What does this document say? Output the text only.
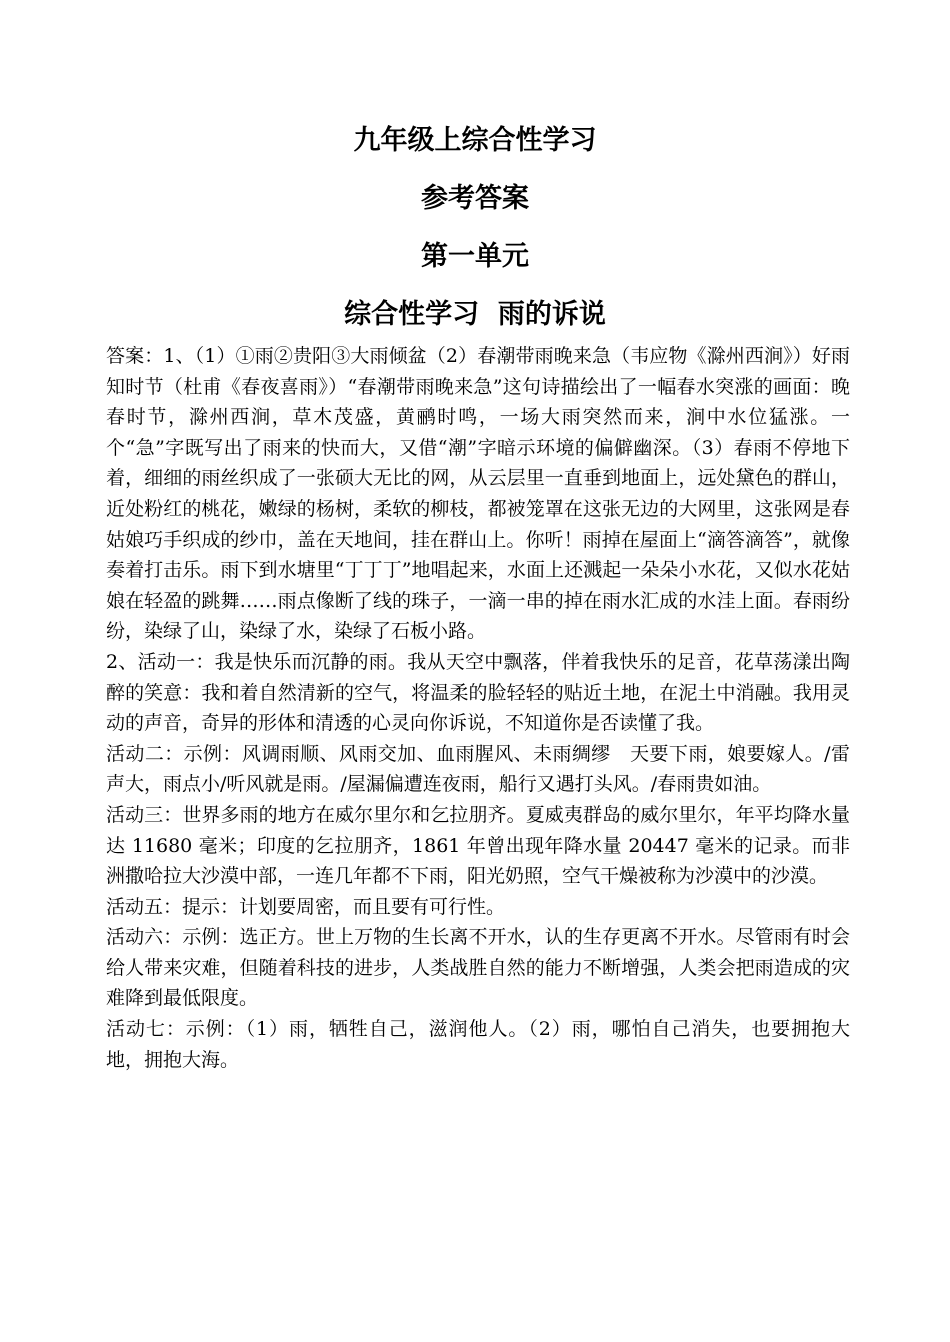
九年级上综合性学习
参考答案
第一单元
综合性学习  雨的诉说

答案：1、（1）①雨②贵阳③大雨倾盆（2）春潮带雨晚来急（韦应物《滁州西涧》）好雨知时节（杜甫《春夜喜雨》）“春潮带雨晚来急”这句诗描绘出了一幅春水突涨的画面：晚春时节，滁州西涧，草木茂盛，黄鹂时鸣，一场大雨突然而来，涧中水位猛涨。一个“急”字既写出了雨来的快而大，又借“潮”字暗示环境的偏僻幽深。（3）春雨不停地下着，细细的雨丝织成了一张硕大无比的网，从云层里一直垂到地面上，远处黛色的群山，近处粉红的桃花，嫩绿的杨树，柔软的柳枝，都被笼罩在这张无边的大网里，这张网是春姑娘巧手织成的纱巾，盖在天地间，挂在群山上。你听！雨掉在屋面上“滴答滴答”，就像奏着打击乐。雨下到水塘里“丁丁丁”地唱起来，水面上还溅起一朵朵小水花，又似水花姑娘在轻盈的跳舞……雨点像断了线的珠子，一滴一串的掉在雨水汇成的水洼上面。春雨纷纷，染绿了山，染绿了水，染绿了石板小路。

2、活动一：我是快乐而沉静的雨。我从天空中飘落，伴着我快乐的足音，花草荡漾出陶醉的笑意：我和着自然清新的空气，将温柔的脸轻轻的贴近土地，在泥土中消融。我用灵动的声音，奇异的形体和清透的心灵向你诉说，不知道你是否读懂了我。

活动二：示例：风调雨顺、风雨交加、血雨腥风、未雨绸缪　天要下雨，娘要嫁人。/雷声大，雨点小/听风就是雨。/屋漏偏遭连夜雨，船行又遇打头风。/春雨贵如油。

活动三：世界多雨的地方在威尔里尔和乞拉朋齐。夏威夷群岛的威尔里尔，年平均降水量达 11680 毫米；印度的乞拉朋齐，1861 年曾出现年降水量 20447 毫米的记录。而非洲撒哈拉大沙漠中部，一连几年都不下雨，阳光奶照，空气干燥被称为沙漠中的沙漠。

活动五：提示：计划要周密，而且要有可行性。

活动六：示例：选正方。世上万物的生长离不开水，认的生存更离不开水。尽管雨有时会给人带来灾难，但随着科技的进步，人类战胜自然的能力不断增强，人类会把雨造成的灾难降到最低限度。

活动七：示例：（1）雨，牺牲自己，滋润他人。（2）雨，哪怕自己消失，也要拥抱大地，拥抱大海。
